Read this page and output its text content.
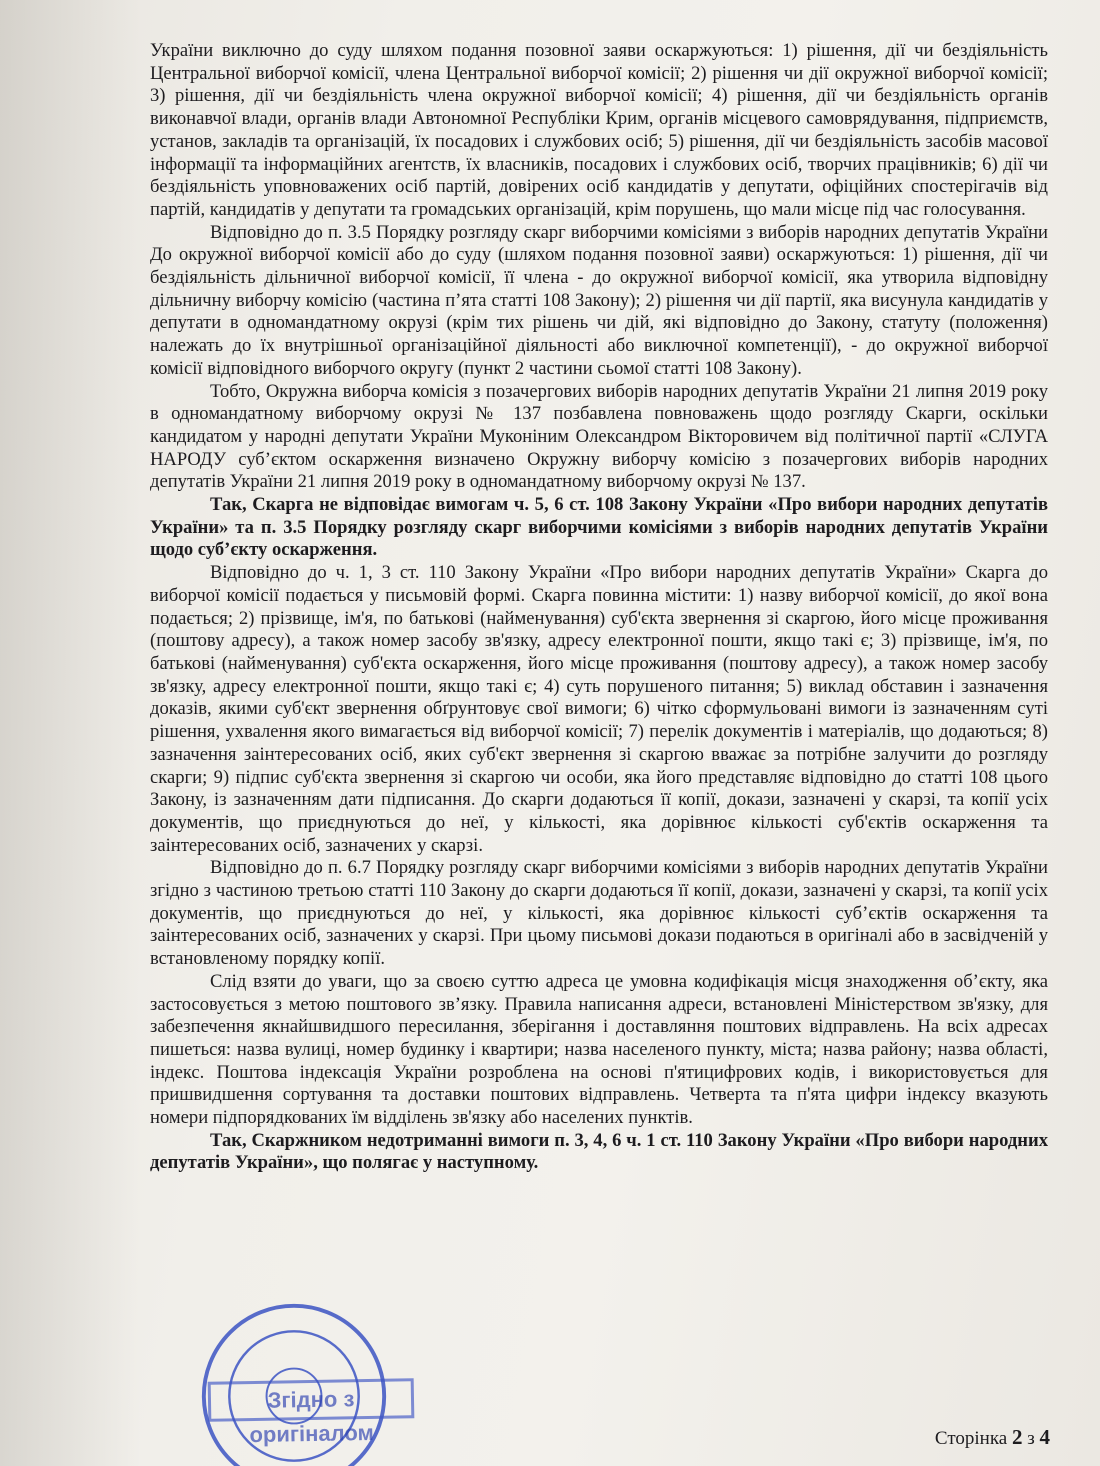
України виключно до суду шляхом подання позовної заяви оскаржуються: 1) рішення, дії чи бездіяльність Центральної виборчої комісії, члена Центральної виборчої комісії; 2) рішення чи дії окружної виборчої комісії; 3) рішення, дії чи бездіяльність члена окружної виборчої комісії; 4) рішення, дії чи бездіяльність органів виконавчої влади, органів влади Автономної Республіки Крим, органів місцевого самоврядування, підприємств, установ, закладів та організацій, їх посадових і службових осіб; 5) рішення, дії чи бездіяльність засобів масової інформації та інформаційних агентств, їх власників, посадових і службових осіб, творчих працівників; 6) дії чи бездіяльність уповноважених осіб партій, довірених осіб кандидатів у депутати, офіційних спостерігачів від партій, кандидатів у депутати та громадських організацій, крім порушень, що мали місце під час голосування.

Відповідно до п. 3.5 Порядку розгляду скарг виборчими комісіями з виборів народних депутатів України До окружної виборчої комісії або до суду (шляхом подання позовної заяви) оскаржуються: 1) рішення, дії чи бездіяльність дільничної виборчої комісії, її члена - до окружної виборчої комісії, яка утворила відповідну дільничну виборчу комісію (частина п’ята статті 108 Закону); 2) рішення чи дії партії, яка висунула кандидатів у депутати в одномандатному окрузі (крім тих рішень чи дій, які відповідно до Закону, статуту (положення) належать до їх внутрішньої організаційної діяльності або виключної компетенції), - до окружної виборчої комісії відповідного виборчого округу (пункт 2 частини сьомої статті 108 Закону).

Тобто, Окружна виборча комісія з позачергових виборів народних депутатів України 21 липня 2019 року в одномандатному виборчому окрузі № 137 позбавлена повноважень щодо розгляду Скарги, оскільки кандидатом у народні депутати України Муконіним Олександром Вікторовичем від політичної партії «СЛУГА НАРОДУ суб’єктом оскарження визначено Окружну виборчу комісію з позачергових виборів народних депутатів України 21 липня 2019 року в одномандатному виборчому окрузі № 137.

Так, Скарга не відповідає вимогам ч. 5, 6 ст. 108 Закону України «Про вибори народних депутатів України» та п. 3.5 Порядку розгляду скарг виборчими комісіями з виборів народних депутатів України щодо суб’єкту оскарження.

Відповідно до ч. 1, 3 ст. 110 Закону України «Про вибори народних депутатів України» Скарга до виборчої комісії подається у письмовій формі. Скарга повинна містити: 1) назву виборчої комісії, до якої вона подається; 2) прізвище, ім'я, по батькові (найменування) суб'єкта звернення зі скаргою, його місце проживання (поштову адресу), а також номер засобу зв'язку, адресу електронної пошти, якщо такі є; 3) прізвище, ім'я, по батькові (найменування) суб'єкта оскарження, його місце проживання (поштову адресу), а також номер засобу зв'язку, адресу електронної пошти, якщо такі є; 4) суть порушеного питання; 5) виклад обставин і зазначення доказів, якими суб'єкт звернення обґрунтовує свої вимоги; 6) чітко сформульовані вимоги із зазначенням суті рішення, ухвалення якого вимагається від виборчої комісії; 7) перелік документів і матеріалів, що додаються; 8) зазначення заінтересованих осіб, яких суб'єкт звернення зі скаргою вважає за потрібне залучити до розгляду скарги; 9) підпис суб'єкта звернення зі скаргою чи особи, яка його представляє відповідно до статті 108 цього Закону, із зазначенням дати підписання. До скарги додаються її копії, докази, зазначені у скарзі, та копії усіх документів, що приєднуються до неї, у кількості, яка дорівнює кількості суб'єктів оскарження та заінтересованих осіб, зазначених у скарзі.

Відповідно до п. 6.7 Порядку розгляду скарг виборчими комісіями з виборів народних депутатів України згідно з частиною третьою статті 110 Закону до скарги додаються її копії, докази, зазначені у скарзі, та копії усіх документів, що приєднуються до неї, у кількості, яка дорівнює кількості суб’єктів оскарження та заінтересованих осіб, зазначених у скарзі. При цьому письмові докази подаються в оригіналі або в засвідченій у встановленому порядку копії.

Слід взяти до уваги, що за своєю суттю адреса це умовна кодифікація місця знаходження об’єкту, яка застосовується з метою поштового зв’язку. Правила написання адреси, встановлені Міністерством зв'язку, для забезпечення якнайшвидшого пересилання, зберігання і доставляння поштових відправлень. На всіх адресах пишеться: назва вулиці, номер будинку і квартири; назва населеного пункту, міста; назва району; назва області, індекс. Поштова індексація України розроблена на основі п'ятицифрових кодів, і використовується для пришвидшення сортування та доставки поштових відправлень. Четверта та п'ята цифри індексу вказують номери підпорядкованих їм відділень зв'язку або населених пунктів.

Так, Скаржником недотриманні вимоги п. 3, 4, 6 ч. 1 ст. 110 Закону України «Про вибори народних депутатів України», що полягає у наступному.

Згідно з оригіналом	Сторінка 2 з 4
